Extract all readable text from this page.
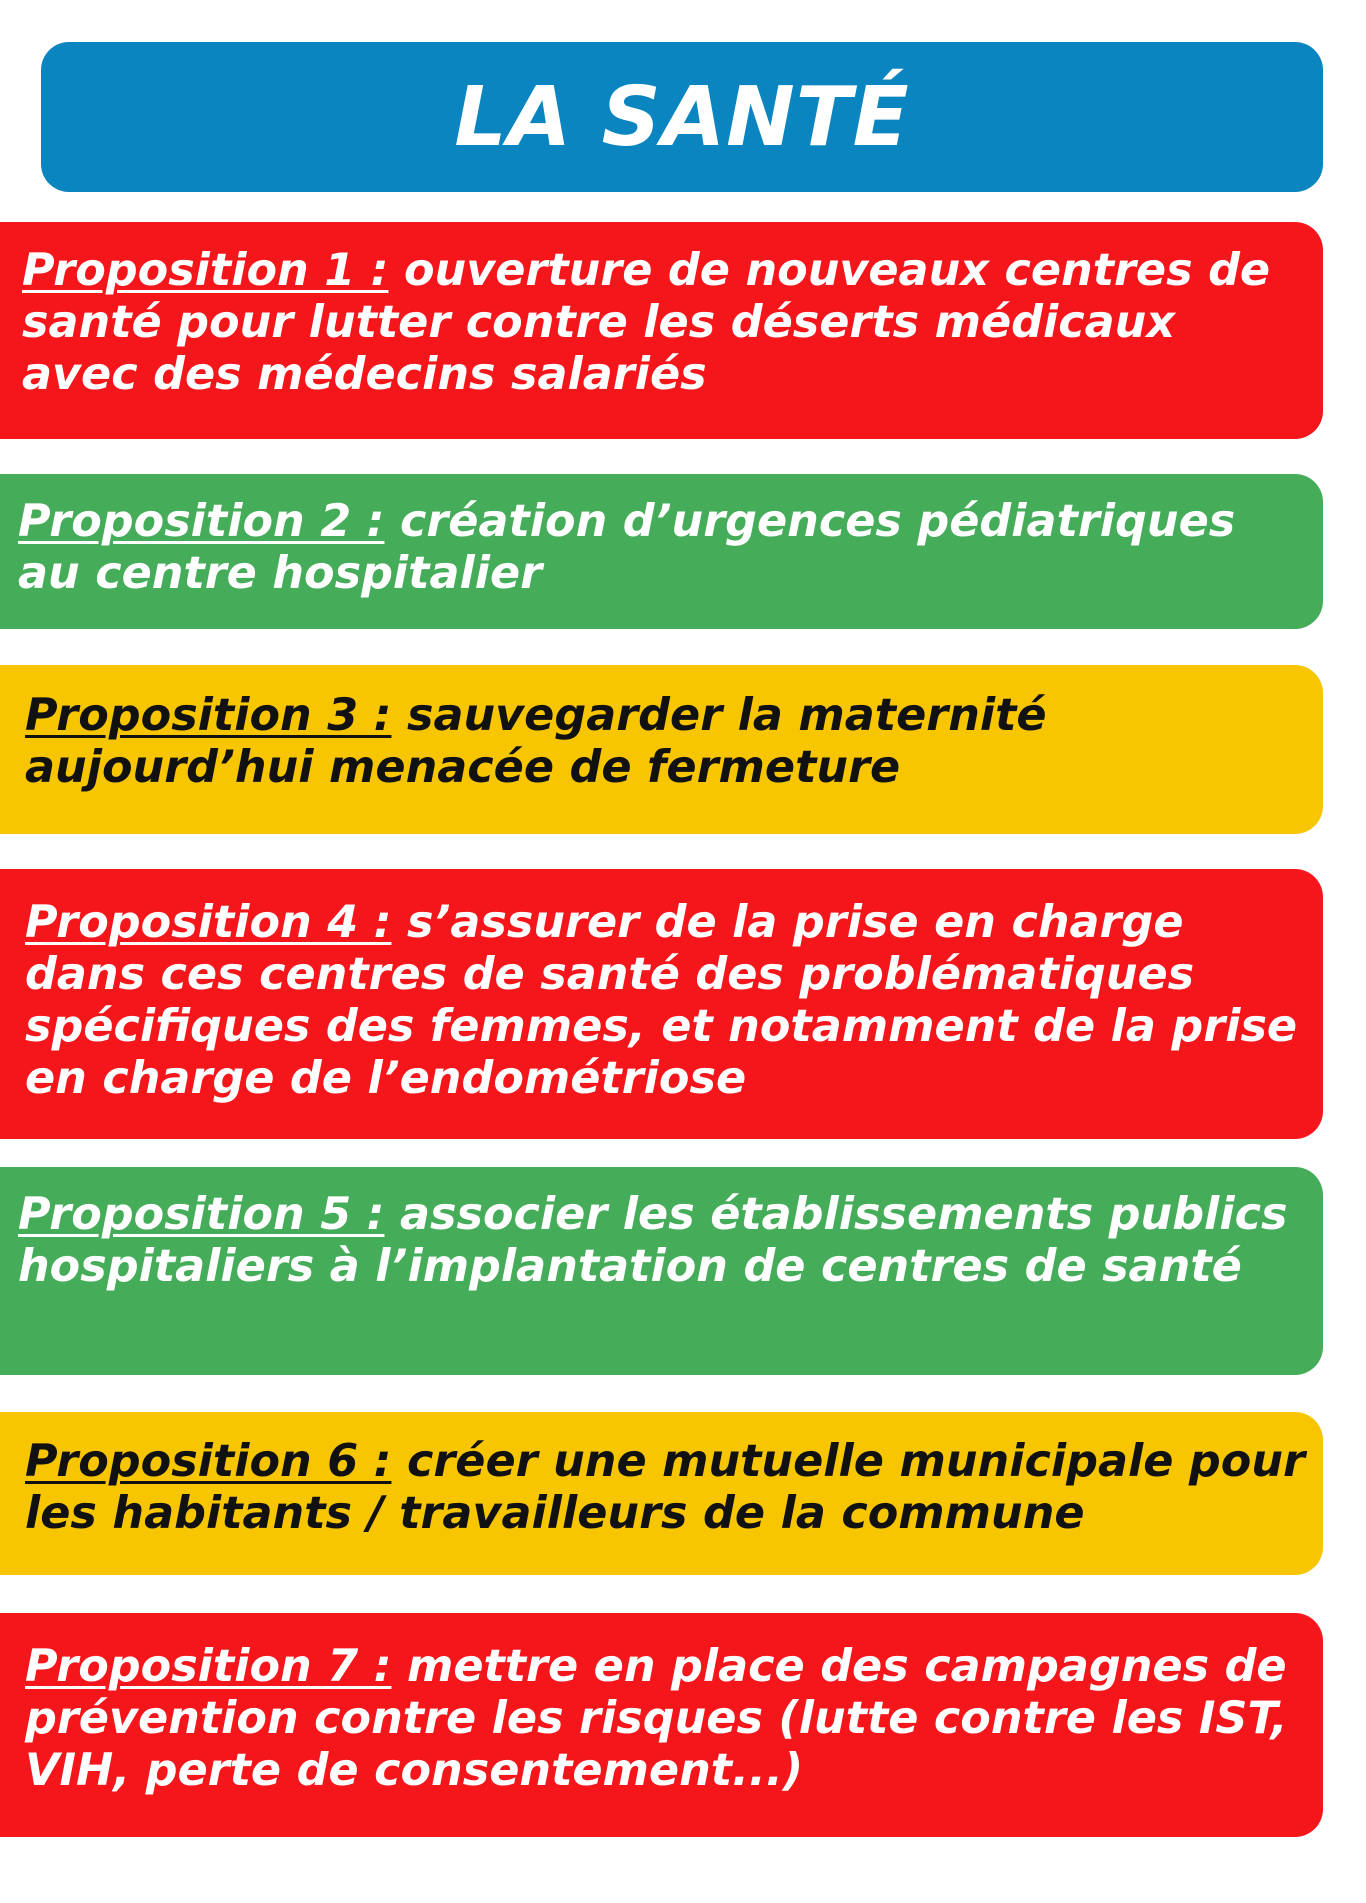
LA SANTÉ
Proposition 1 : ouverture de nouveaux centres de santé pour lutter contre les déserts médicaux avec des médecins salariés
Proposition 2 : création d’urgences pédiatriques au centre hospitalier
Proposition 3 : sauvegarder la maternité aujourd’hui menacée de fermeture
Proposition 4 : s’assurer de la prise en charge dans ces centres de santé des problématiques spécifiques des femmes, et notamment de la prise en charge de l’endométriose
Proposition 5 : associer les établissements publics hospitaliers à l’implantation de centres de santé
Proposition 6 : créer une mutuelle municipale pour les habitants / travailleurs de la commune
Proposition 7 : mettre en place des campagnes de prévention contre les risques (lutte contre les IST, VIH, perte de consentement...)
